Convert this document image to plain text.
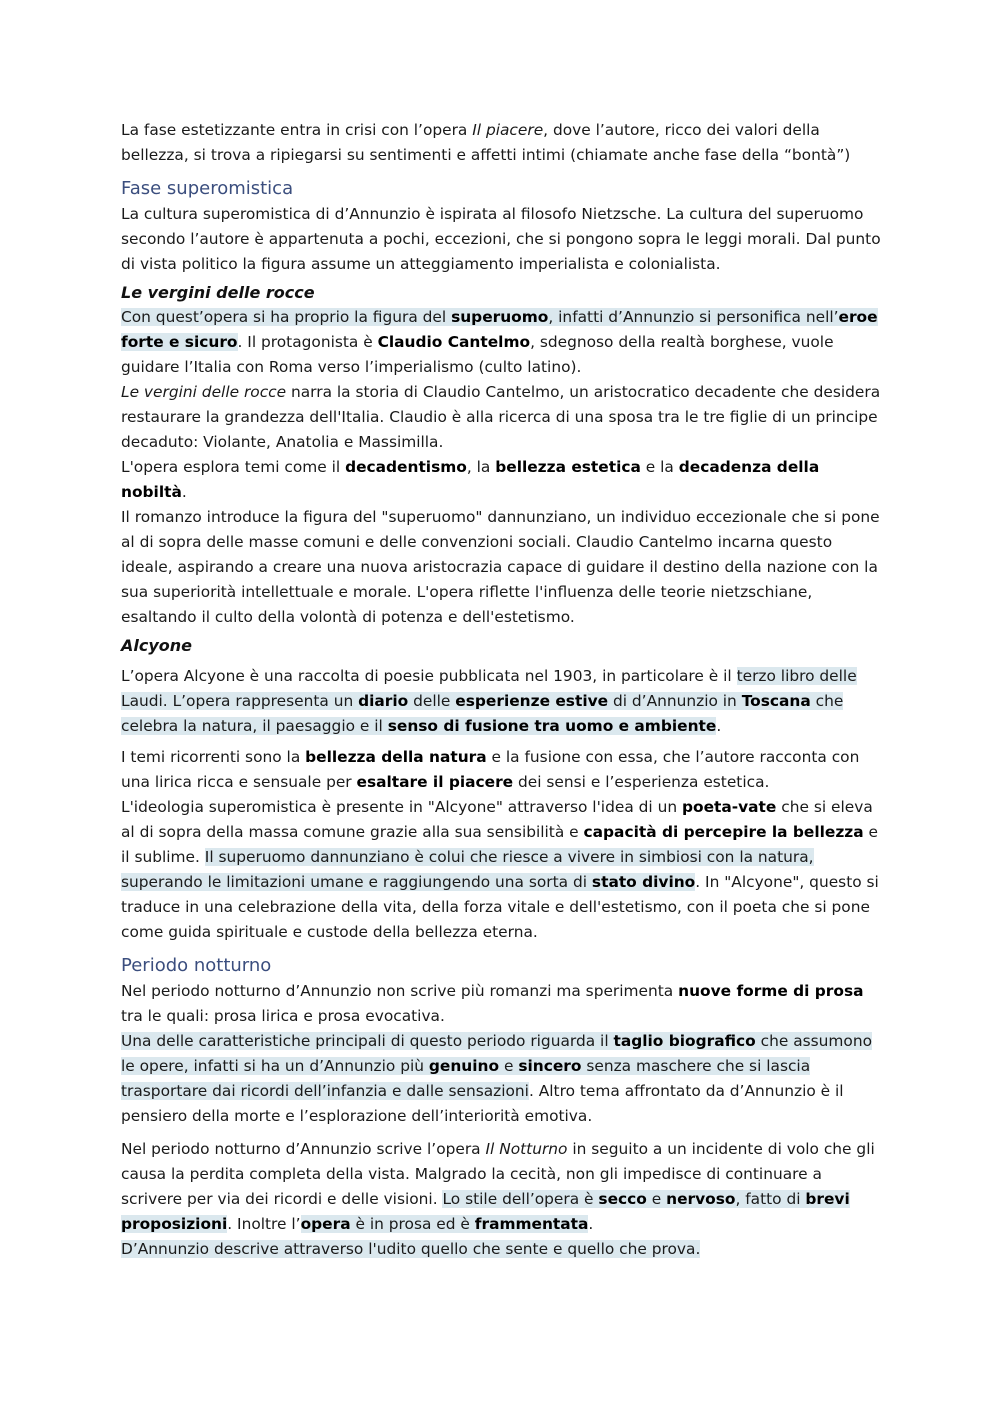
La fase estetizzante entra in crisi con l’opera Il piacere, dove l’autore, ricco dei valori della bellezza, si trova a ripiegarsi su sentimenti e affetti intimi (chiamate anche fase della “bontà”)

Fase superomistica

La cultura superomistica di d’Annunzio è ispirata al filosofo Nietzsche. La cultura del superuomo secondo l’autore è appartenuta a pochi, eccezioni, che si pongono sopra le leggi morali. Dal punto di vista politico la figura assume un atteggiamento imperialista e colonialista.

Le vergini delle rocce

Con quest’opera si ha proprio la figura del superuomo, infatti d’Annunzio si personifica nell’eroe forte e sicuro. Il protagonista è Claudio Cantelmo, sdegnoso della realtà borghese, vuole guidare l’Italia con Roma verso l’imperialismo (culto latino).

Le vergini delle rocce narra la storia di Claudio Cantelmo, un aristocratico decadente che desidera restaurare la grandezza dell'Italia. Claudio è alla ricerca di una sposa tra le tre figlie di un principe decaduto: Violante, Anatolia e Massimilla.

L'opera esplora temi come il decadentismo, la bellezza estetica e la decadenza della nobiltà.

Il romanzo introduce la figura del "superuomo" dannunziano, un individuo eccezionale che si pone al di sopra delle masse comuni e delle convenzioni sociali. Claudio Cantelmo incarna questo ideale, aspirando a creare una nuova aristocrazia capace di guidare il destino della nazione con la sua superiorità intellettuale e morale. L'opera riflette l'influenza delle teorie nietzschiane, esaltando il culto della volontà di potenza e dell'estetismo.

Alcyone

L’opera Alcyone è una raccolta di poesie pubblicata nel 1903, in particolare è il terzo libro delle Laudi. L’opera rappresenta un diario delle esperienze estive di d’Annunzio in Toscana che celebra la natura, il paesaggio e il senso di fusione tra uomo e ambiente.

I temi ricorrenti sono la bellezza della natura e la fusione con essa, che l’autore racconta con una lirica ricca e sensuale per esaltare il piacere dei sensi e l’esperienza estetica.

L'ideologia superomistica è presente in "Alcyone" attraverso l'idea di un poeta-vate che si eleva al di sopra della massa comune grazie alla sua sensibilità e capacità di percepire la bellezza e il sublime. Il superuomo dannunziano è colui che riesce a vivere in simbiosi con la natura, superando le limitazioni umane e raggiungendo una sorta di stato divino. In "Alcyone", questo si traduce in una celebrazione della vita, della forza vitale e dell'estetismo, con il poeta che si pone come guida spirituale e custode della bellezza eterna.

Periodo notturno

Nel periodo notturno d’Annunzio non scrive più romanzi ma sperimenta nuove forme di prosa tra le quali: prosa lirica e prosa evocativa.

Una delle caratteristiche principali di questo periodo riguarda il taglio biografico che assumono le opere, infatti si ha un d’Annunzio più genuino e sincero senza maschere che si lascia trasportare dai ricordi dell’infanzia e dalle sensazioni. Altro tema affrontato da d’Annunzio è il pensiero della morte e l’esplorazione dell’interiorità emotiva.

Nel periodo notturno d’Annunzio scrive l’opera Il Notturno in seguito a un incidente di volo che gli causa la perdita completa della vista. Malgrado la cecità, non gli impedisce di continuare a scrivere per via dei ricordi e delle visioni. Lo stile dell’opera è secco e nervoso, fatto di brevi proposizioni. Inoltre l’opera è in prosa ed è frammentata.

D’Annunzio descrive attraverso l'udito quello che sente e quello che prova.
